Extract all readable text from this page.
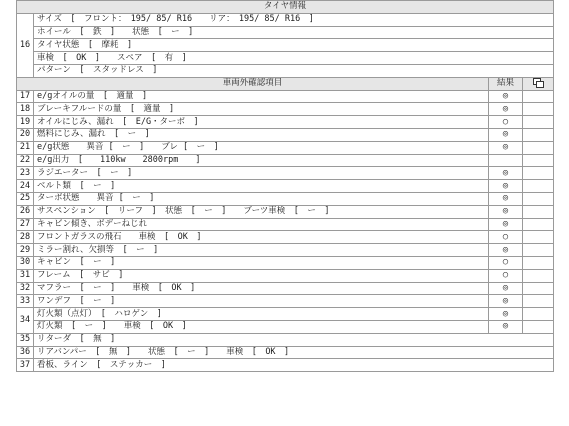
タイヤ情報			
16	サイズ　[　フロント：　195/ 85/ R16　　リア：　195/ 85/ R16　]		
	ホイール　[　鉄　]　　状態　[　ー　]		
	タイヤ状態　[　摩耗　]		
	車検　[　OK　]　　スペア　[　有　]		
	パターン　[　スタッドレス　]		
車両外確認項目		結果	

17	e/gオイルの量　[　適量　]	◎	
18	ブレーキフルードの量　[　適量　]	◎	
19	オイルにじみ、漏れ　[　E/G・ターボ　]	○	
20	燃料にじみ、漏れ　[　ー　]	◎	
21	e/g状態　　異音 [　ー　]　　ブレ [　ー　]	◎	
22	e/g出力　[　　110kw　　2800rpm　　]		
23	ラジエーター　[　ー　]	◎	
24	ベルト類　[　ー　]	◎	
25	ターボ状態　　異音 [　ー　]	◎	
26	サスペンション　[　リーフ　]　状態　[　ー　]　　ブーツ車検　[　ー　]	◎	
27	キャビン傾き、ボデーねじれ	◎	
28	フロントガラスの飛石　　車検　[　OK　]	○	
29	ミラー割れ、欠損等　[　ー　]	◎	
30	キャビン　[　ー　]	○	
31	フレーム　[　サビ　]	○	
32	マフラー　[　ー　]　　車検　[　OK　]	◎	
33	ワンデフ　[　ー　]	◎	
34	灯火類（点灯）　[　ハロゲン　]	◎	
	灯火類　[　ー　]　　車検　[　OK　]	◎	
35	リターダ　[　無　]		
36	リアバンパー　[　無　]　　状態　[　ー　]　　車検　[　OK　]		
37	看板、ライン　[　ステッカー　]		
